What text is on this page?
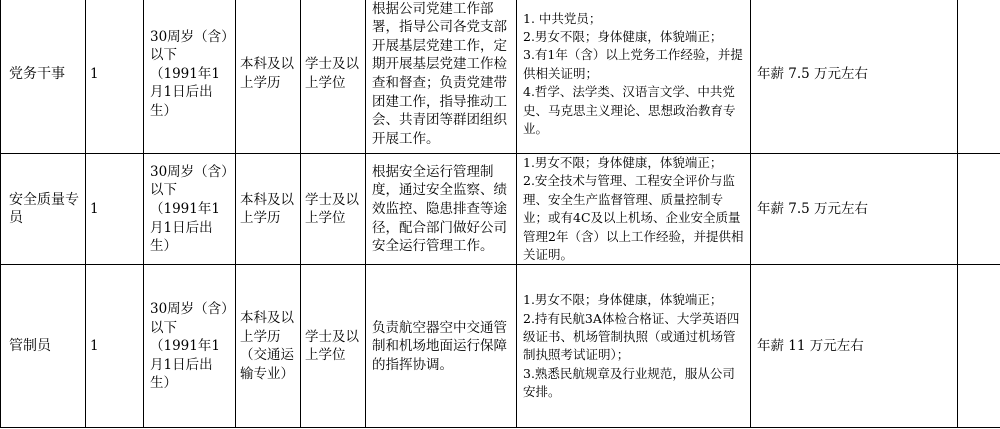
党务干事	1	30周岁（含）以下
（1991年1月1日后出生）	本科及以上学历	学士及以上学位	根据公司党建工作部署，指导公司各党支部开展基层党建工作，定期开展基层党建工作检查和督查；负责党建带团建工作，指导推动工会、共青团等群团组织开展工作。	1. 中共党员；
2.男女不限；身体健康，体貌端正；
3.有1年（含）以上党务工作经验，并提供相关证明；
4.哲学、法学类、汉语言文学、中共党史、马克思主义理论、思想政治教育专业。	年薪 7.5 万元左右	
安全质量专员	1	30周岁（含）以下
（1991年1月1日后出生）	本科及以上学历	学士及以上学位	根据安全运行管理制度，通过安全监察、绩效监控、隐患排查等途径，配合部门做好公司安全运行管理工作。	1.男女不限；身体健康，体貌端正；
2.安全技术与管理、工程安全评价与监理、安全生产监督管理、质量控制专业；或有4C及以上机场、企业安全质量管理2年（含）以上工作经验，并提供相关证明。	年薪 7.5 万元左右	
管制员	1	30周岁（含）以下
（1991年1月1日后出生）	本科及以上学历（交通运输专业）	学士及以上学位	负责航空器空中交通管制和机场地面运行保障的指挥协调。	1.男女不限；身体健康，体貌端正；
2.持有民航3A体检合格证、大学英语四级证书、机场管制执照（或通过机场管制执照考试证明）；
3.熟悉民航规章及行业规范，服从公司安排。	年薪 11 万元左右	
